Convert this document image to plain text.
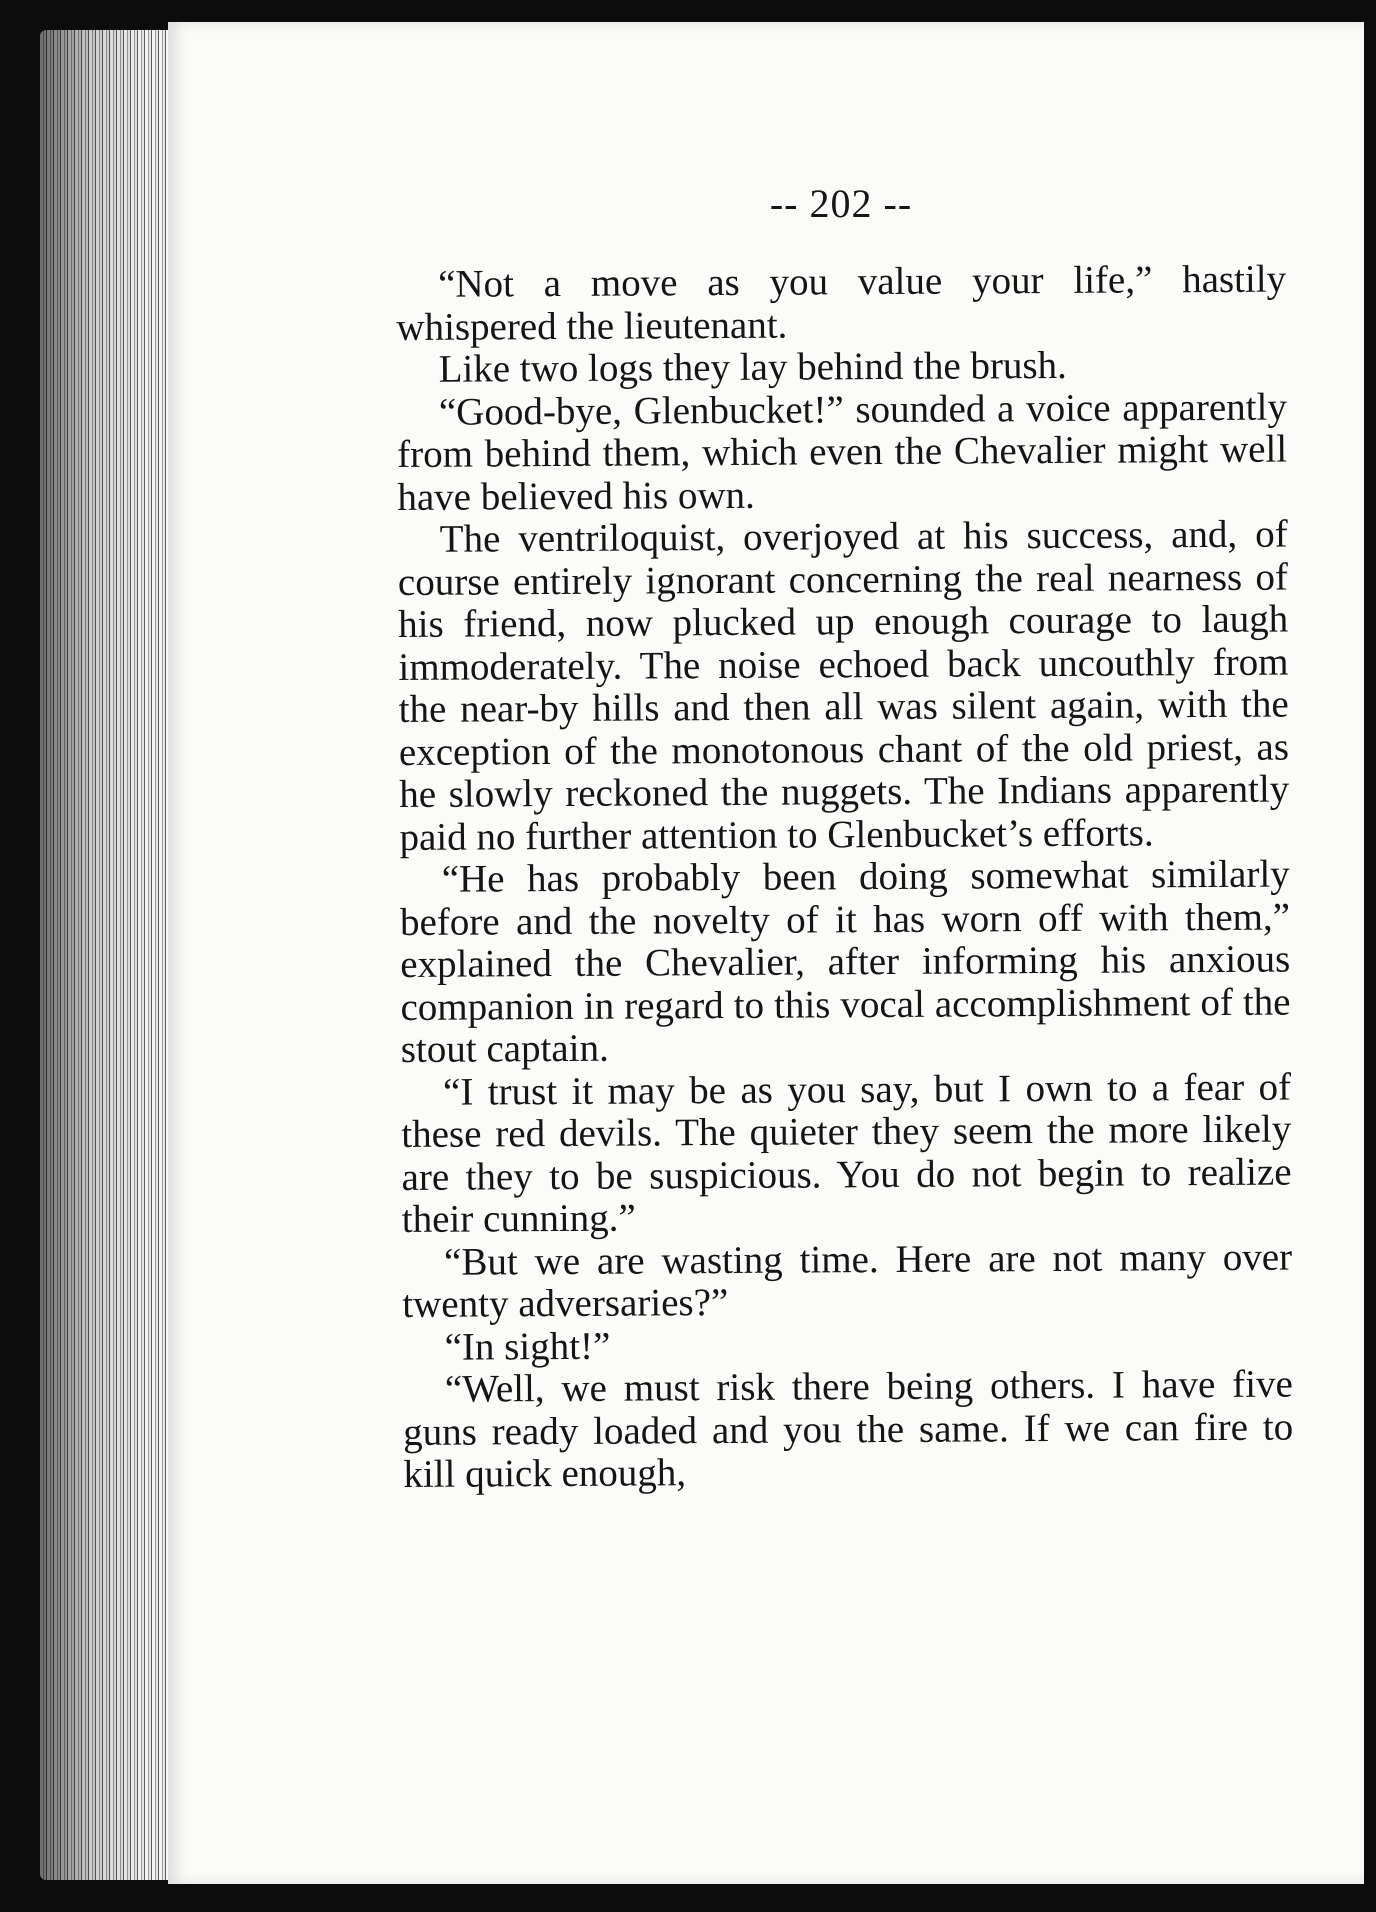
-- 202 --

“Not a move as you value your life,” hastily whispered the lieutenant.

Like two logs they lay behind the brush.

“Good-bye, Glenbucket!” sounded a voice apparently from behind them, which even the Chevalier might well have believed his own.

The ventriloquist, overjoyed at his success, and, of course entirely ignorant concerning the real nearness of his friend, now plucked up enough courage to laugh immoderately. The noise echoed back uncouthly from the near-by hills and then all was silent again, with the exception of the monotonous chant of the old priest, as he slowly reckoned the nuggets. The Indians apparently paid no further attention to Glenbucket’s efforts.

“He has probably been doing somewhat similarly before and the novelty of it has worn off with them,” explained the Chevalier, after informing his anxious companion in regard to this vocal accomplishment of the stout captain.

“I trust it may be as you say, but I own to a fear of these red devils. The quieter they seem the more likely are they to be suspicious. You do not begin to realize their cunning.”

“But we are wasting time. Here are not many over twenty adversaries?”

“In sight!”

“Well, we must risk there being others. I have five guns ready loaded and you the same. If we can fire to kill quick enough,
